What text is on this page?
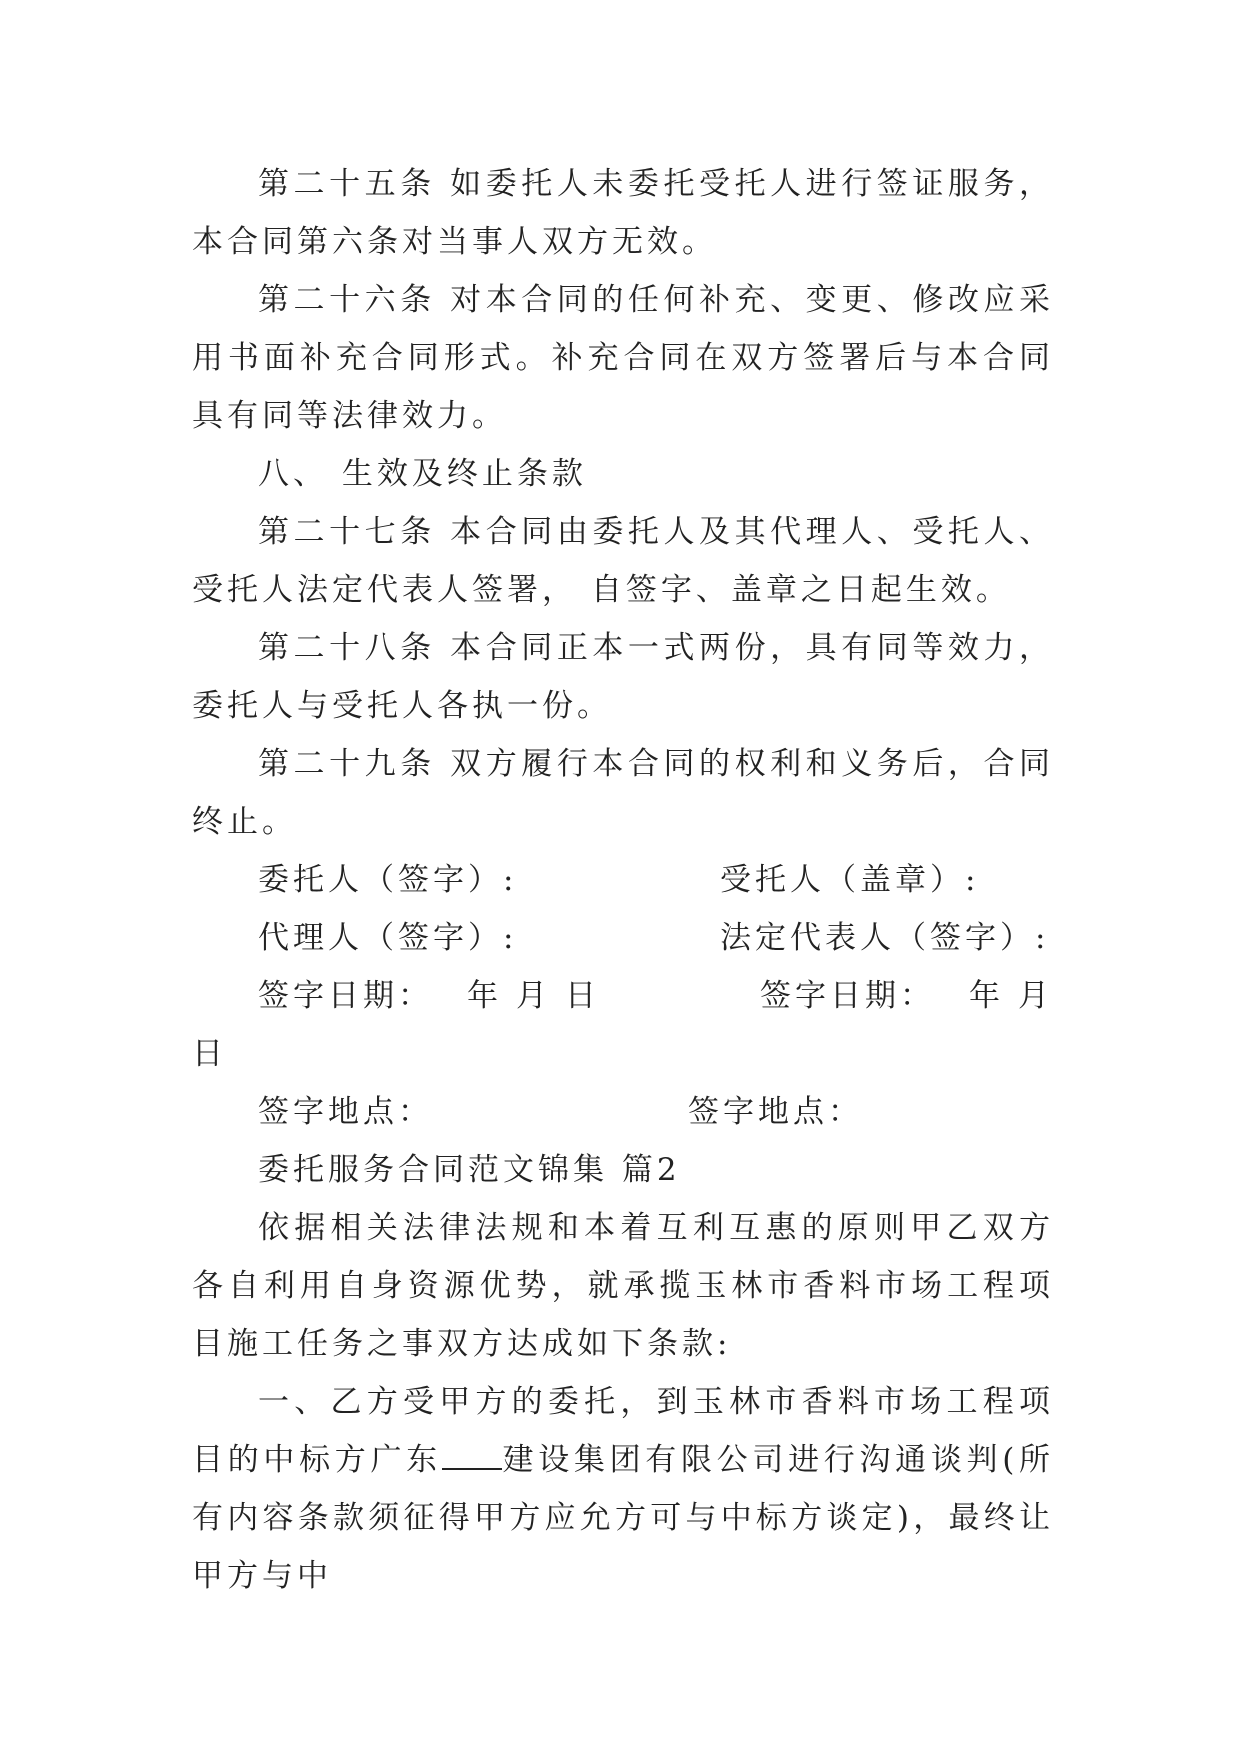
第二十五条 如委托人未委托受托人进行签证服务，本合同第六条对当事人双方无效。

第二十六条 对本合同的任何补充、变更、修改应采用书面补充合同形式。补充合同在双方签署后与本合同具有同等法律效力。

八、 生效及终止条款

第二十七条 本合同由委托人及其代理人、受托人、受托人法定代表人签署， 自签字、盖章之日起生效。

第二十八条 本合同正本一式两份，具有同等效力，委托人与受托人各执一份。

第二十九条 双方履行本合同的权利和义务后，合同终止。

委托人（签字）:	受托人（盖章）:
代理人（签字）:	法定代表人（签字）:
签字日期： 年 月 日	签字日期： 年 月

日

签字地点：	签字地点：

委托服务合同范文锦集 篇2

依据相关法律法规和本着互利互惠的原则甲乙双方各自利用自身资源优势，就承揽玉林市香料市场工程项目施工任务之事双方达成如下条款:

一、乙方受甲方的委托，到玉林市香料市场工程项目的中标方广东 建设集团有限公司进行沟通谈判(所有内容条款须征得甲方应允方可与中标方谈定)，最终让甲方与中
